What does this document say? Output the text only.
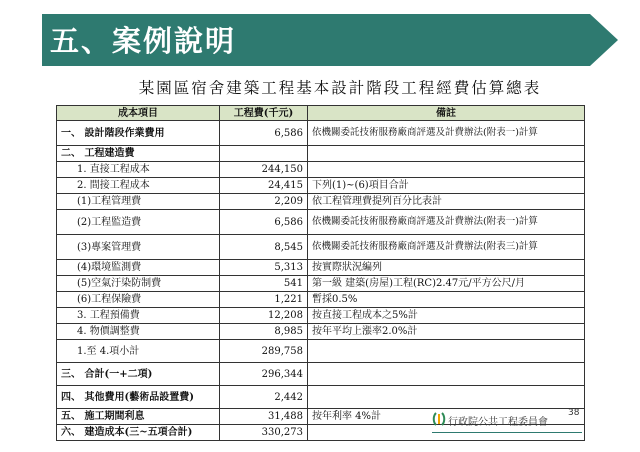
五、案例說明
某園區宿舍建築工程基本設計階段工程經費估算總表
成本項目	工程費(千元)	備註
一、 設計階段作業費用	6,586	依機關委託技術服務廠商評選及計費辦法(附表一)計算
二、 工程建造費		
1. 直接工程成本	244,150	
2. 間接工程成本	24,415	下列(1)~(6)項目合計
(1)工程管理費	2,209	依工程管理費提列百分比表計
(2)工程監造費	6,586	依機關委託技術服務廠商評選及計費辦法(附表一)計算
(3)專案管理費	8,545	依機關委託技術服務廠商評選及計費辦法(附表三)計算
(4)環境監測費	5,313	按實際狀況編列
(5)空氣汙染防制費	541	第一級 建築(房屋)工程(RC)2.47元/平方公尺/月
(6)工程保險費	1,221	暫採0.5%
3. 工程預備費	12,208	按直接工程成本之5%計
4. 物價調整費	8,985	按年平均上漲率2.0%計
1.至 4.項小計	289,758	
三、 合計(一+二項)	296,344	
四、 其他費用(藝術品設置費)	2,442	
五、 施工期間利息	31,488	按年利率 4%計
六、 建造成本(三~五項合計)	330,273	
行政院公共工程委員會
38
